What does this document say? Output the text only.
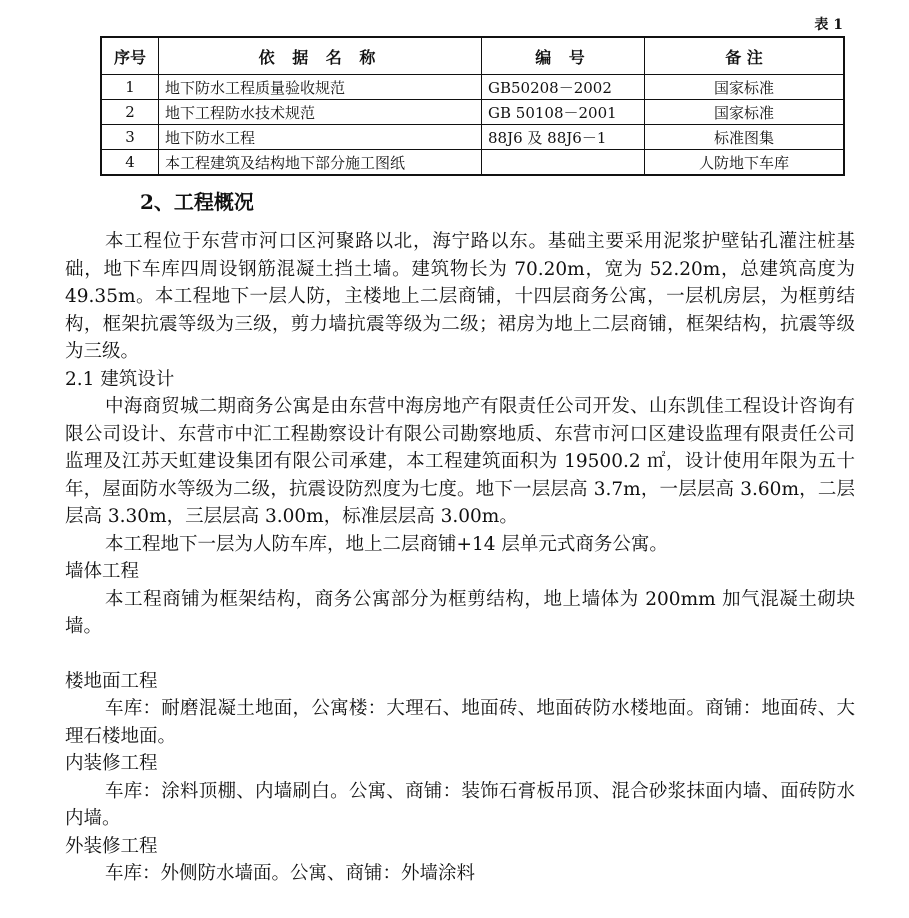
表 1
序号	依 据 名 称	编 号	备 注
1	地下防水工程质量验收规范	GB50208－2002	国家标准
2	地下工程防水技术规范	GB 50108－2001	国家标准
3	地下防水工程	88J6 及 88J6－1	标准图集
4	本工程建筑及结构地下部分施工图纸		人防地下车库
2、工程概况

本工程位于东营市河口区河聚路以北，海宁路以东。基础主要采用泥浆护壁钻孔灌注桩基础，地下车库四周设钢筋混凝土挡土墙。建筑物长为 70.20m，宽为 52.20m，总建筑高度为 49.35m。本工程地下一层人防，主楼地上二层商铺，十四层商务公寓，一层机房层，为框剪结构，框架抗震等级为三级，剪力墙抗震等级为二级；裙房为地上二层商铺，框架结构，抗震等级为三级。

2.1 建筑设计

中海商贸城二期商务公寓是由东营中海房地产有限责任公司开发、山东凯佳工程设计咨询有限公司设计、东营市中汇工程勘察设计有限公司勘察地质、东营市河口区建设监理有限责任公司监理及江苏天虹建设集团有限公司承建，本工程建筑面积为 19500.2 ㎡，设计使用年限为五十年，屋面防水等级为二级，抗震设防烈度为七度。地下一层层高 3.7m，一层层高 3.60m，二层层高 3.30m，三层层高 3.00m，标准层层高 3.00m。

本工程地下一层为人防车库，地上二层商铺+14 层单元式商务公寓。

墙体工程

本工程商铺为框架结构，商务公寓部分为框剪结构，地上墙体为 200mm 加气混凝土砌块墙。

楼地面工程

车库：耐磨混凝土地面，公寓楼：大理石、地面砖、地面砖防水楼地面。商铺：地面砖、大理石楼地面。

内装修工程

车库：涂料顶棚、内墙刷白。公寓、商铺：装饰石膏板吊顶、混合砂浆抹面内墙、面砖防水内墙。

外装修工程

车库：外侧防水墙面。公寓、商铺：外墙涂料
